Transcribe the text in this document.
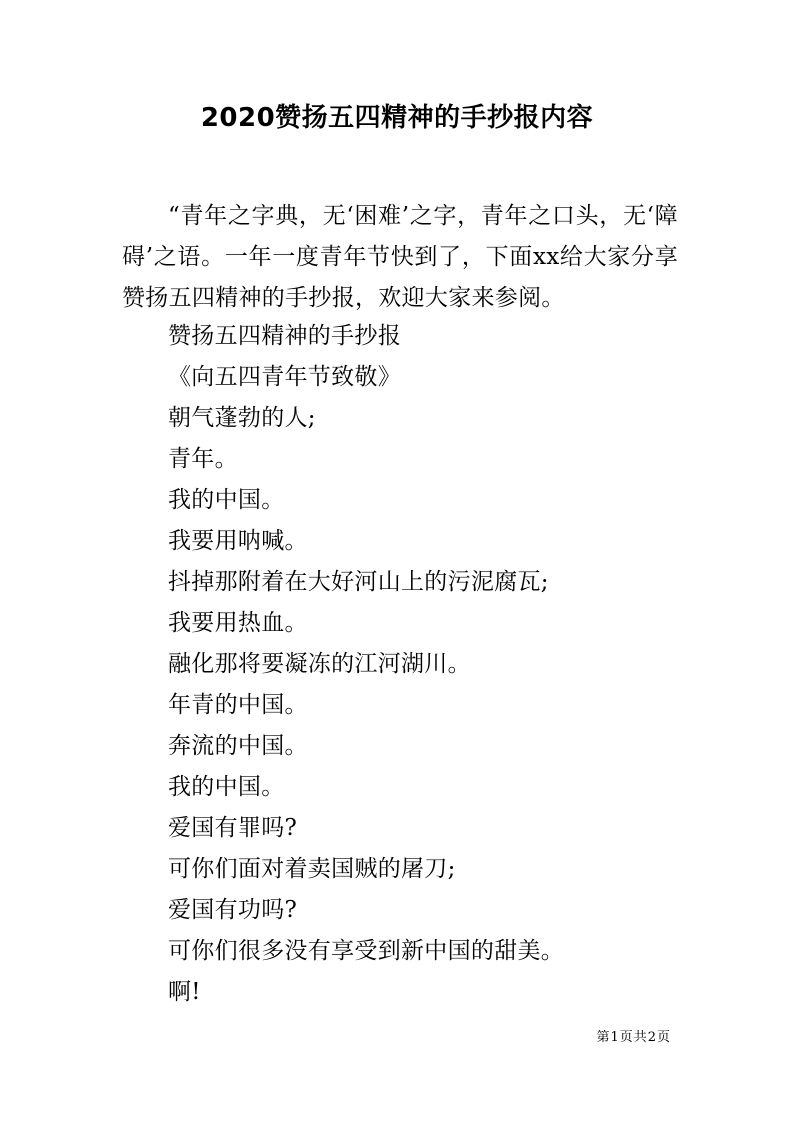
2020赞扬五四精神的手抄报内容

“青年之字典，无‘困难’之字，青年之口头，无‘障碍’之语。一年一度青年节快到了，下面xx给大家分享赞扬五四精神的手抄报，欢迎大家来参阅。

赞扬五四精神的手抄报
《向五四青年节致敬》
朝气蓬勃的人;
青年。
我的中国。
我要用呐喊。
抖掉那附着在大好河山上的污泥腐瓦;
我要用热血。
融化那将要凝冻的江河湖川。
年青的中国。
奔流的中国。
我的中国。
爱国有罪吗?
可你们面对着卖国贼的屠刀;
爱国有功吗?
可你们很多没有享受到新中国的甜美。
啊!
第1页共2页
